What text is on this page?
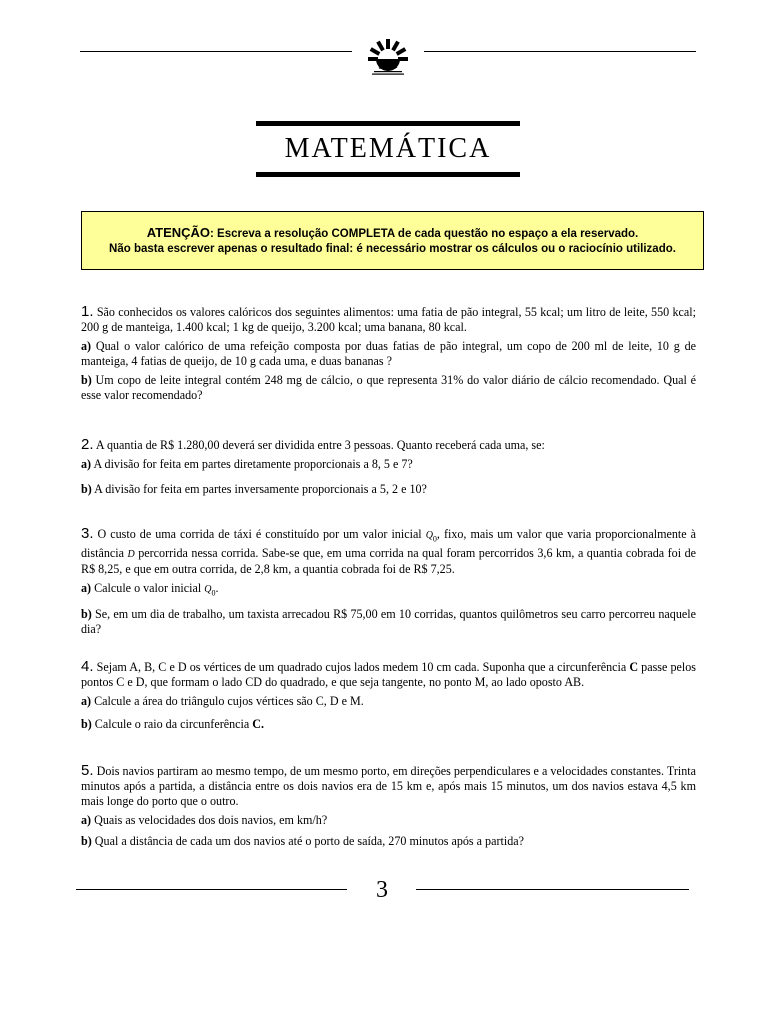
UNICAMP
MATEMÁTICA
ATENÇÃO: Escreva a resolução COMPLETA de cada questão no espaço a ela reservado.
Não basta escrever apenas o resultado final: é necessário mostrar os cálculos ou o raciocínio utilizado.

1. São conhecidos os valores calóricos dos seguintes alimentos: uma fatia de pão integral, 55 kcal; um litro de leite, 550 kcal; 200 g de manteiga, 1.400 kcal; 1 kg de queijo, 3.200 kcal; uma banana, 80 kcal.

a) Qual o valor calórico de uma refeição composta por duas fatias de pão integral, um copo de 200 ml de leite, 10 g de manteiga, 4 fatias de queijo, de 10 g cada uma, e duas bananas ?

b) Um copo de leite integral contém 248 mg de cálcio, o que representa 31% do valor diário de cálcio recomendado. Qual é esse valor recomendado?

2. A quantia de R$ 1.280,00 deverá ser dividida entre 3 pessoas. Quanto receberá cada uma, se:

a) A divisão for feita em partes diretamente proporcionais a 8, 5 e 7?

b) A divisão for feita em partes inversamente proporcionais a 5, 2 e 10?

3. O custo de uma corrida de táxi é constituído por um valor inicial $Q_0$, fixo, mais um valor que varia proporcionalmente à distância D percorrida nessa corrida. Sabe-se que, em uma corrida na qual foram percorridos 3,6 km, a quantia cobrada foi de R$ 8,25, e que em outra corrida, de 2,8 km, a quantia cobrada foi de R$ 7,25.

a) Calcule o valor inicial $Q_0$.

b) Se, em um dia de trabalho, um taxista arrecadou R$ 75,00 em 10 corridas, quantos quilômetros seu carro percorreu naquele dia?

4. Sejam A, B, C e D os vértices de um quadrado cujos lados medem 10 cm cada. Suponha que a circunferência C passe pelos pontos C e D, que formam o lado CD do quadrado, e que seja tangente, no ponto M, ao lado oposto AB.

a) Calcule a área do triângulo cujos vértices são C, D e M.

b) Calcule o raio da circunferência C.

5. Dois navios partiram ao mesmo tempo, de um mesmo porto, em direções perpendiculares e a velocidades constantes. Trinta minutos após a partida, a distância entre os dois navios era de 15 km e, após mais 15 minutos, um dos navios estava 4,5 km mais longe do porto que o outro.

a) Quais as velocidades dos dois navios, em km/h?

b) Qual a distância de cada um dos navios até o porto de saída, 270 minutos após a partida?

3
